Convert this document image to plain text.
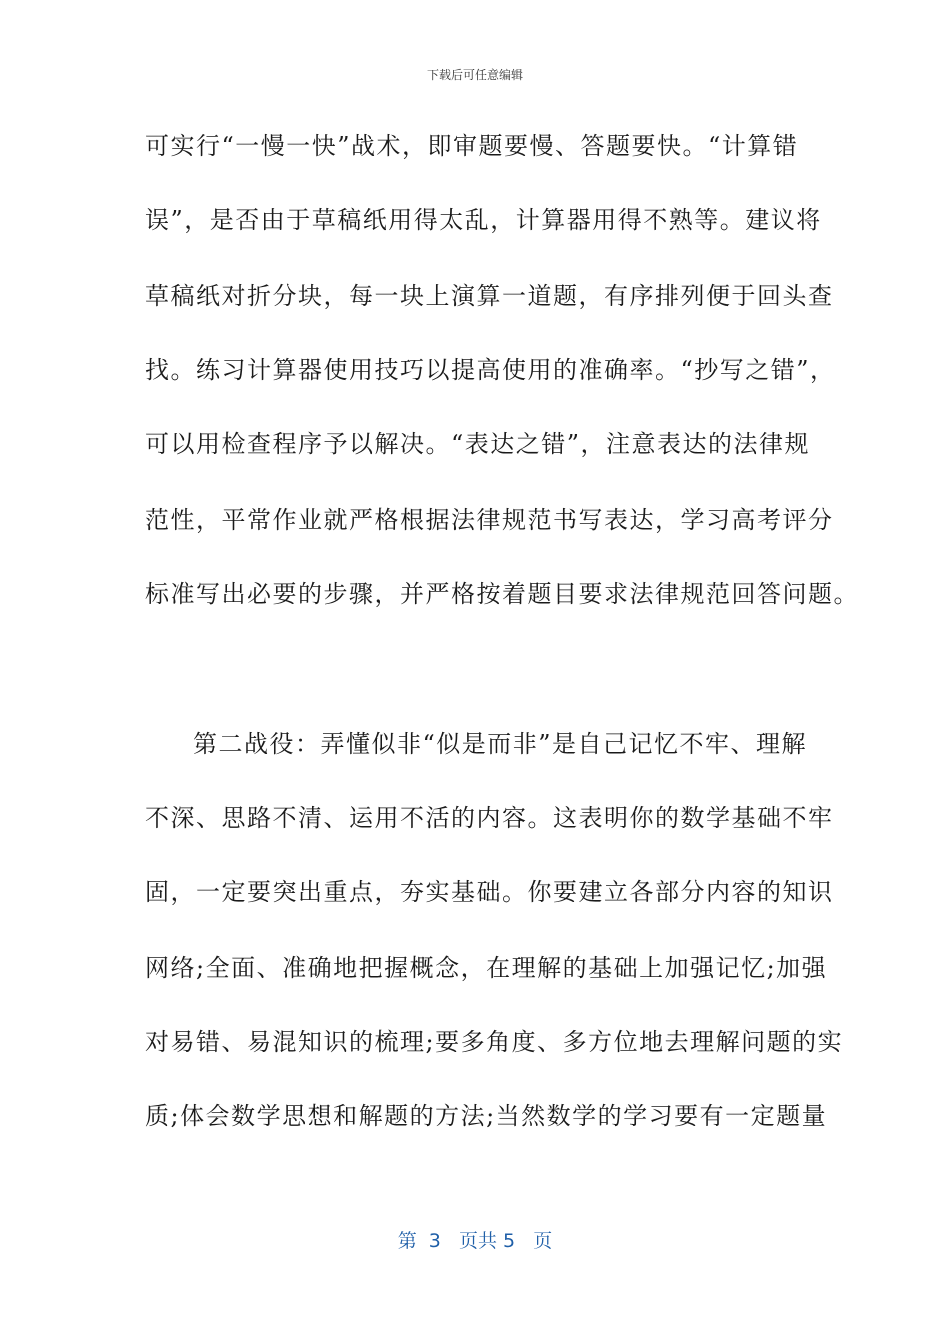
下载后可任意编辑
可实行“一慢一快”战术，即审题要慢、答题要快。“计算错
误”，是否由于草稿纸用得太乱，计算器用得不熟等。建议将
草稿纸对折分块，每一块上演算一道题，有序排列便于回头查
找。练习计算器使用技巧以提高使用的准确率。“抄写之错”，
可以用检查程序予以解决。“表达之错”，注意表达的法律规
范性，平常作业就严格根据法律规范书写表达，学习高考评分
标准写出必要的步骤，并严格按着题目要求法律规范回答问题。
第二战役：弄懂似非“似是而非”是自己记忆不牢、理解
不深、思路不清、运用不活的内容。这表明你的数学基础不牢
固，一定要突出重点，夯实基础。你要建立各部分内容的知识
网络;全面、准确地把握概念，在理解的基础上加强记忆;加强
对易错、易混知识的梳理;要多角度、多方位地去理解问题的实
质;体会数学思想和解题的方法;当然数学的学习要有一定题量
第  3   页共 5   页
